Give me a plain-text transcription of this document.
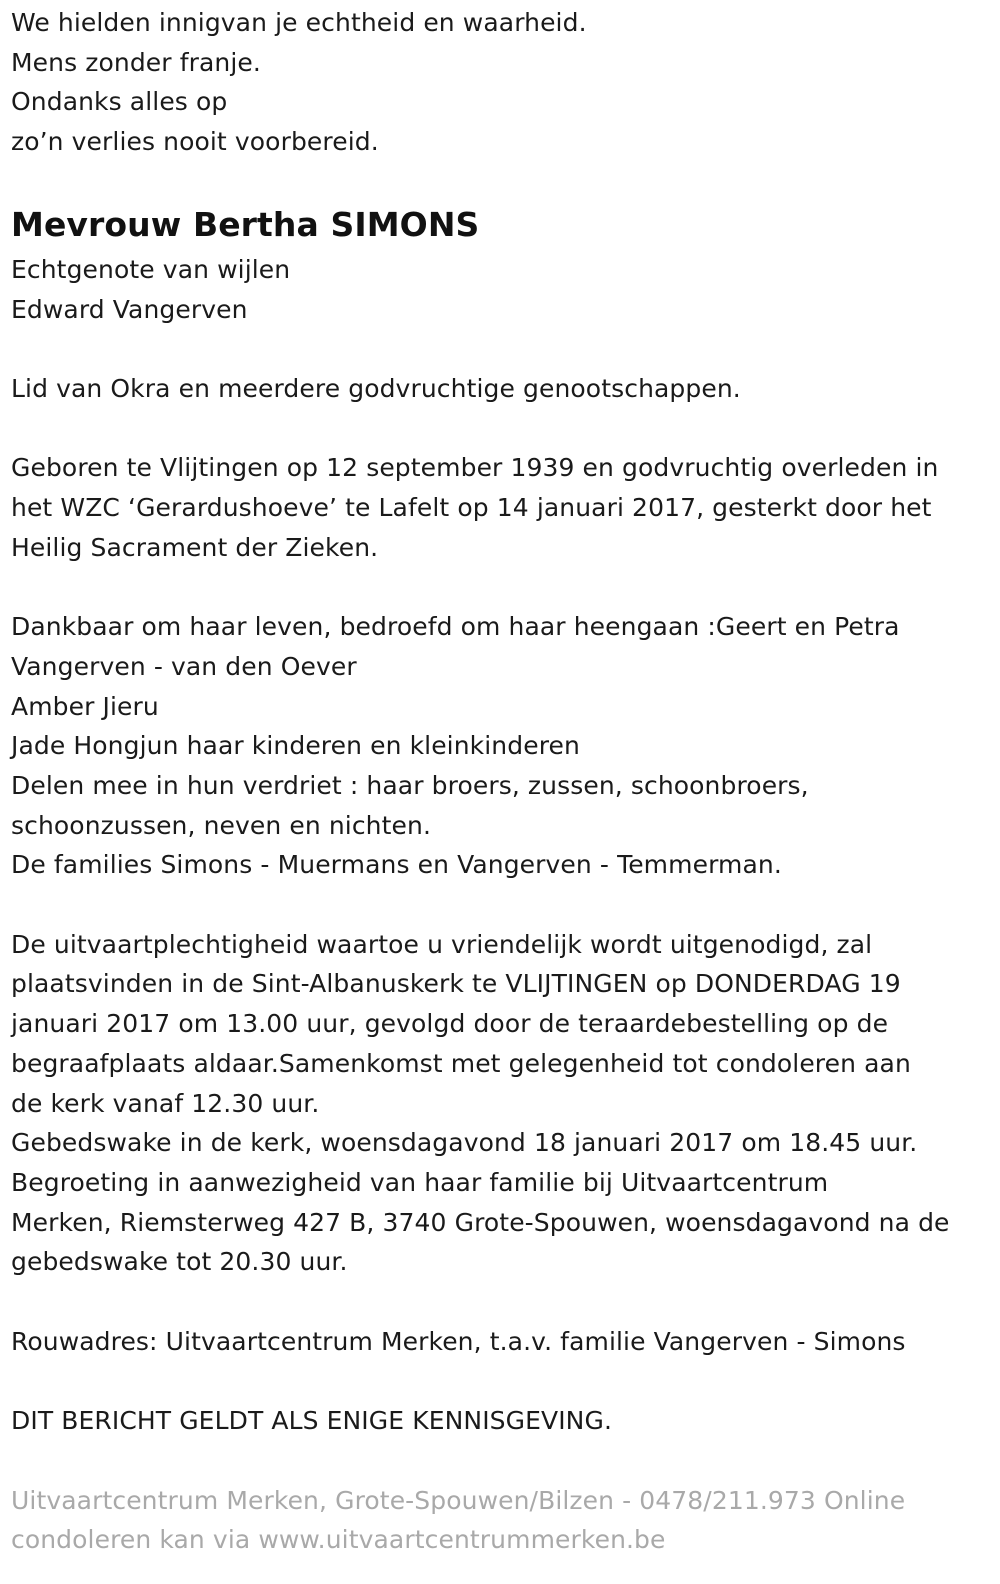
We hielden innigvan je echtheid en waarheid.
Mens zonder franje.
Ondanks alles op
zo’n verlies nooit voorbereid.
Mevrouw Bertha SIMONS
Echtgenote van wijlen
Edward Vangerven
Lid van Okra en meerdere godvruchtige genootschappen.
Geboren te Vlijtingen op 12 september 1939 en godvruchtig overleden in
het WZC ‘Gerardushoeve’ te Lafelt op 14 januari 2017, gesterkt door het
Heilig Sacrament der Zieken.
Dankbaar om haar leven, bedroefd om haar heengaan :Geert en Petra
Vangerven - van den Oever
Amber Jieru
Jade Hongjun haar kinderen en kleinkinderen
Delen mee in hun verdriet : haar broers, zussen, schoonbroers,
schoonzussen, neven en nichten.
De families Simons - Muermans en Vangerven - Temmerman.
De uitvaartplechtigheid waartoe u vriendelijk wordt uitgenodigd, zal
plaatsvinden in de Sint-Albanuskerk te VLIJTINGEN op DONDERDAG 19
januari 2017 om 13.00 uur, gevolgd door de teraardebestelling op de
begraafplaats aldaar.Samenkomst met gelegenheid tot condoleren aan
de kerk vanaf 12.30 uur.
Gebedswake in de kerk, woensdagavond 18 januari 2017 om 18.45 uur.
Begroeting in aanwezigheid van haar familie bij Uitvaartcentrum
Merken, Riemsterweg 427 B, 3740 Grote-Spouwen, woensdagavond na de
gebedswake tot 20.30 uur.
Rouwadres: Uitvaartcentrum Merken, t.a.v. familie Vangerven - Simons
DIT BERICHT GELDT ALS ENIGE KENNISGEVING.
Uitvaartcentrum Merken, Grote-Spouwen/Bilzen - 0478/211.973 Online
condoleren kan via www.uitvaartcentrummerken.be
